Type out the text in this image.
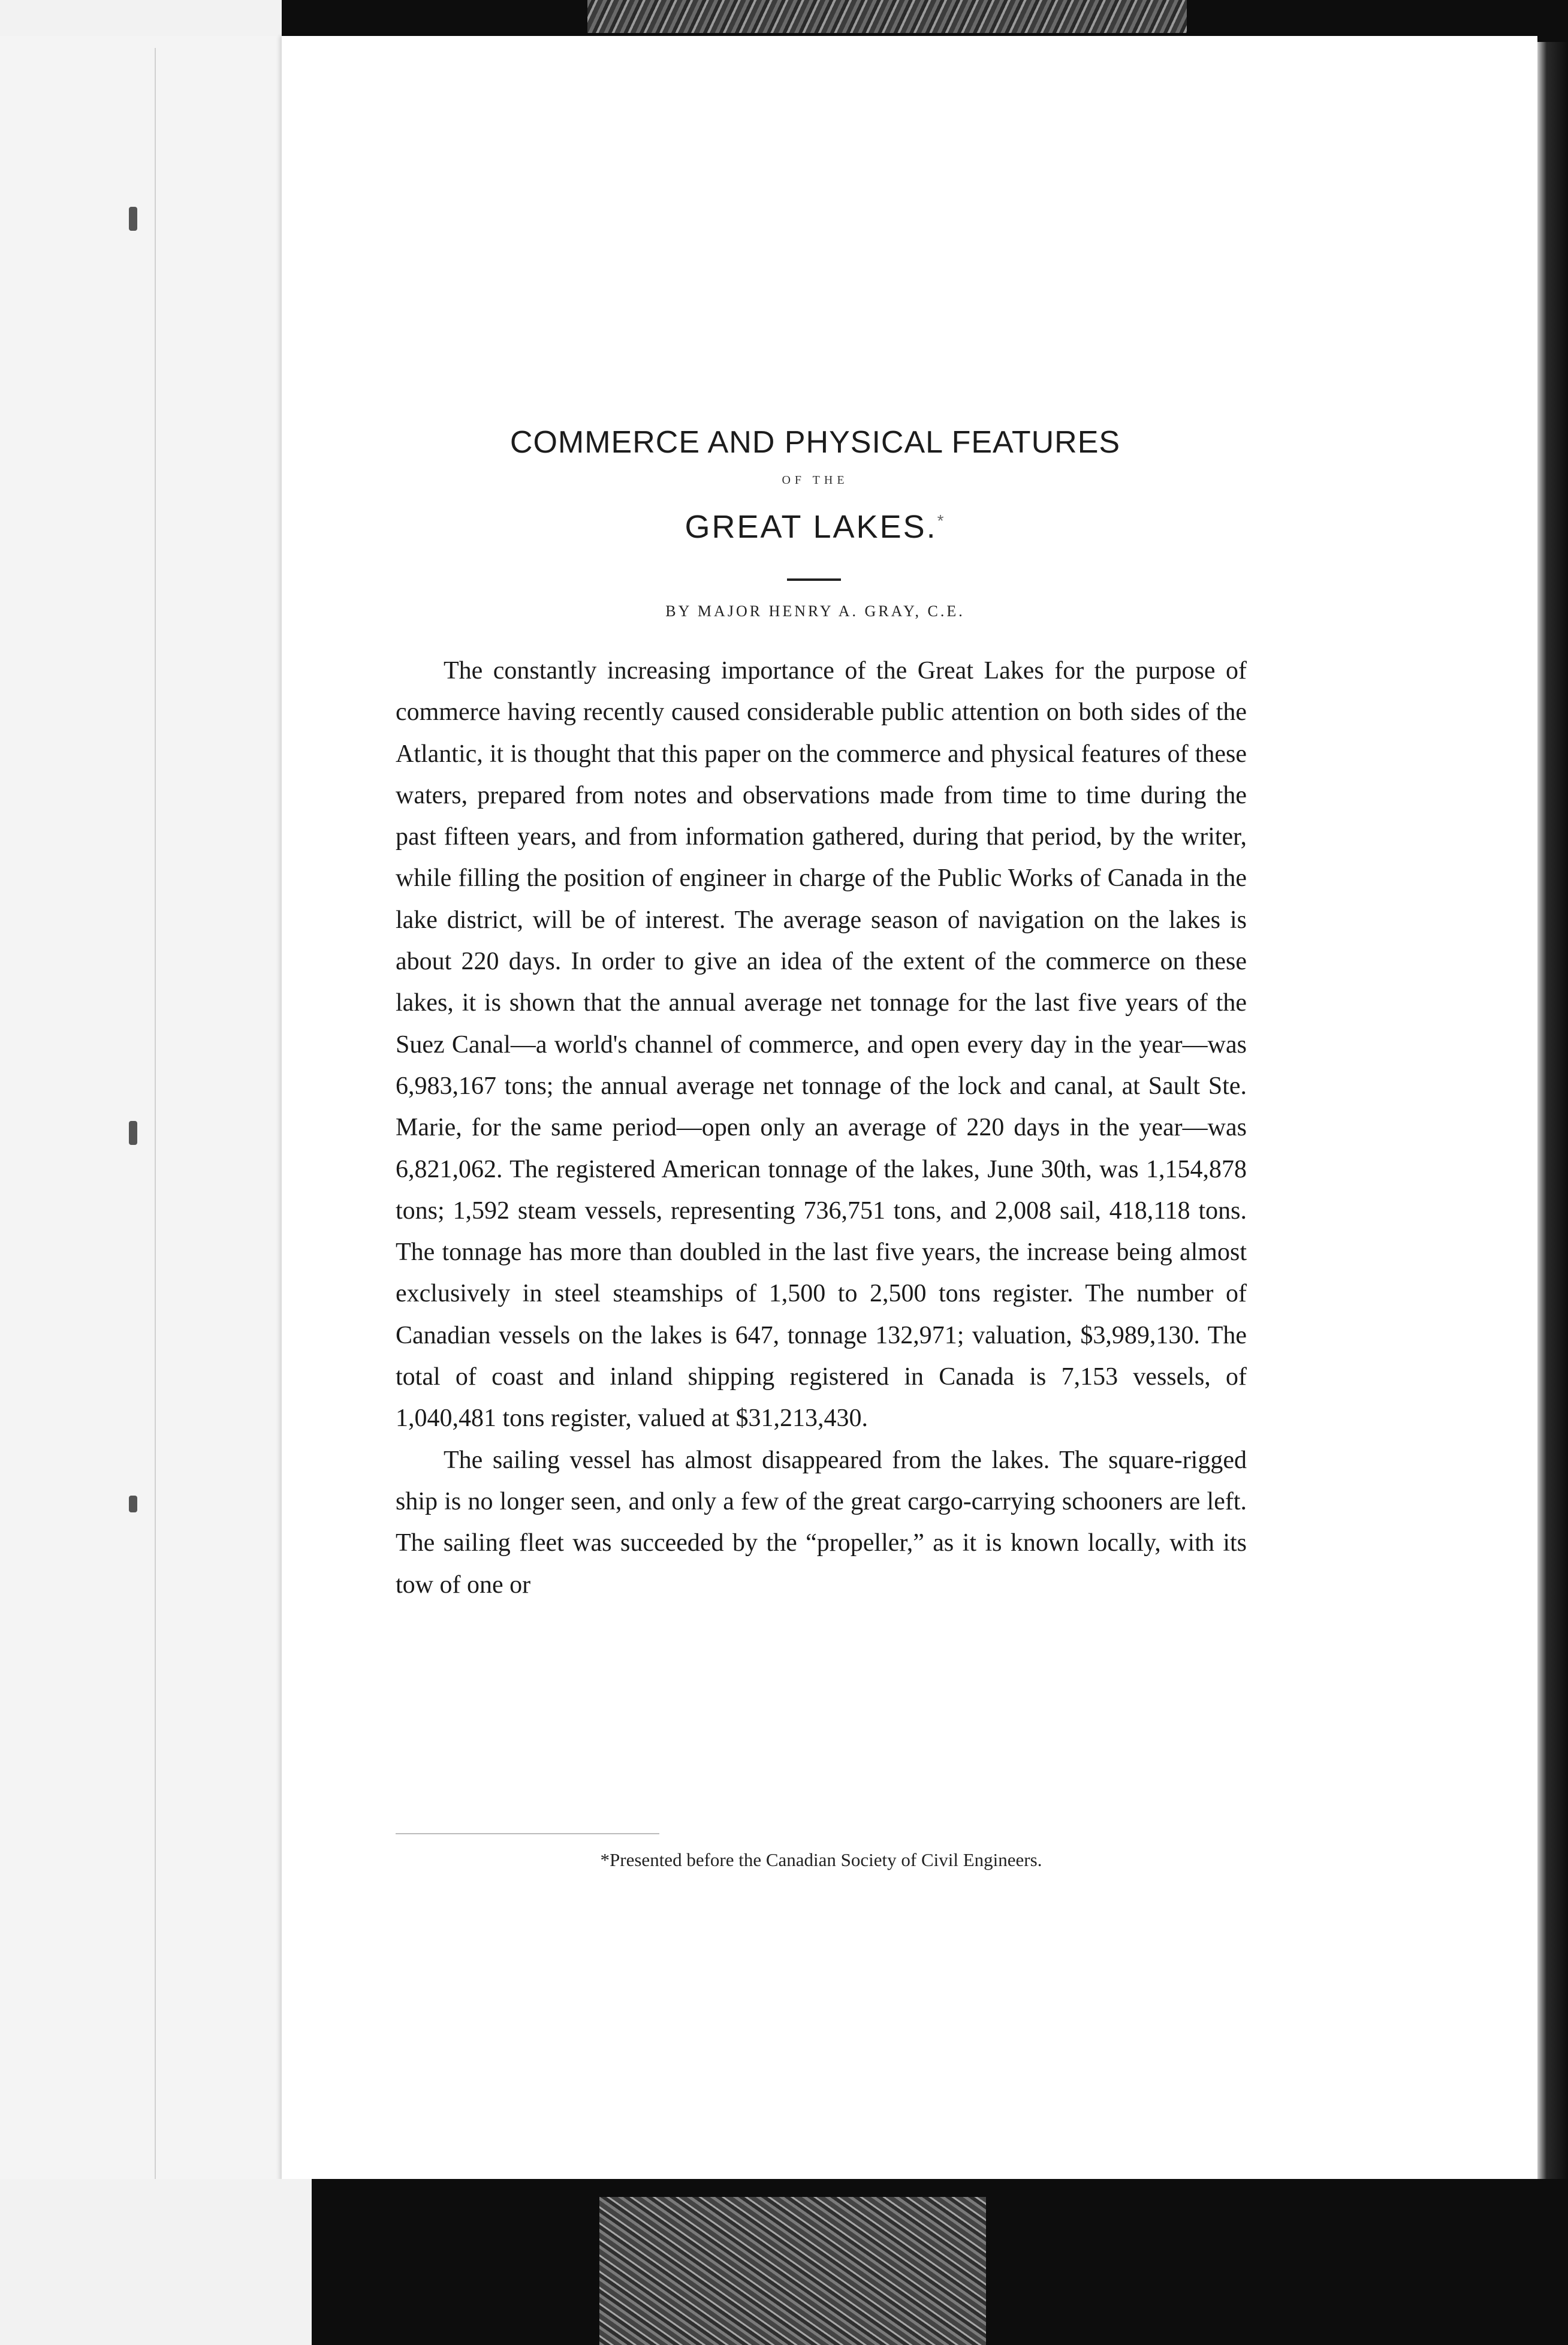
COMMERCE AND PHYSICAL FEATURES
OF THE
GREAT LAKES.*
BY MAJOR HENRY A. GRAY, C.E.

The constantly increasing importance of the Great Lakes for the purpose of commerce having recently caused considerable public attention on both sides of the Atlantic, it is thought that this paper on the commerce and physical features of these waters, prepared from notes and observations made from time to time during the past fifteen years, and from information gathered, during that period, by the writer, while filling the position of engineer in charge of the Public Works of Canada in the lake district, will be of interest. The average season of navigation on the lakes is about 220 days. In order to give an idea of the extent of the commerce on these lakes, it is shown that the annual average net tonnage for the last five years of the Suez Canal—a world's channel of commerce, and open every day in the year—was 6,983,167 tons; the annual average net tonnage of the lock and canal, at Sault Ste. Marie, for the same period—open only an average of 220 days in the year—was 6,821,062. The registered American tonnage of the lakes, June 30th, was 1,154,878 tons; 1,592 steam vessels, representing 736,751 tons, and 2,008 sail, 418,118 tons. The tonnage has more than doubled in the last five years, the increase being almost exclusively in steel steamships of 1,500 to 2,500 tons register. The number of Canadian vessels on the lakes is 647, tonnage 132,971; valuation, $3,989,130. The total of coast and inland shipping registered in Canada is 7,153 vessels, of 1,040,481 tons register, valued at $31,213,430.

The sailing vessel has almost disappeared from the lakes. The square-rigged ship is no longer seen, and only a few of the great cargo-carrying schooners are left. The sailing fleet was succeeded by the “propeller,” as it is known locally, with its tow of one or

*Presented before the Canadian Society of Civil Engineers.
